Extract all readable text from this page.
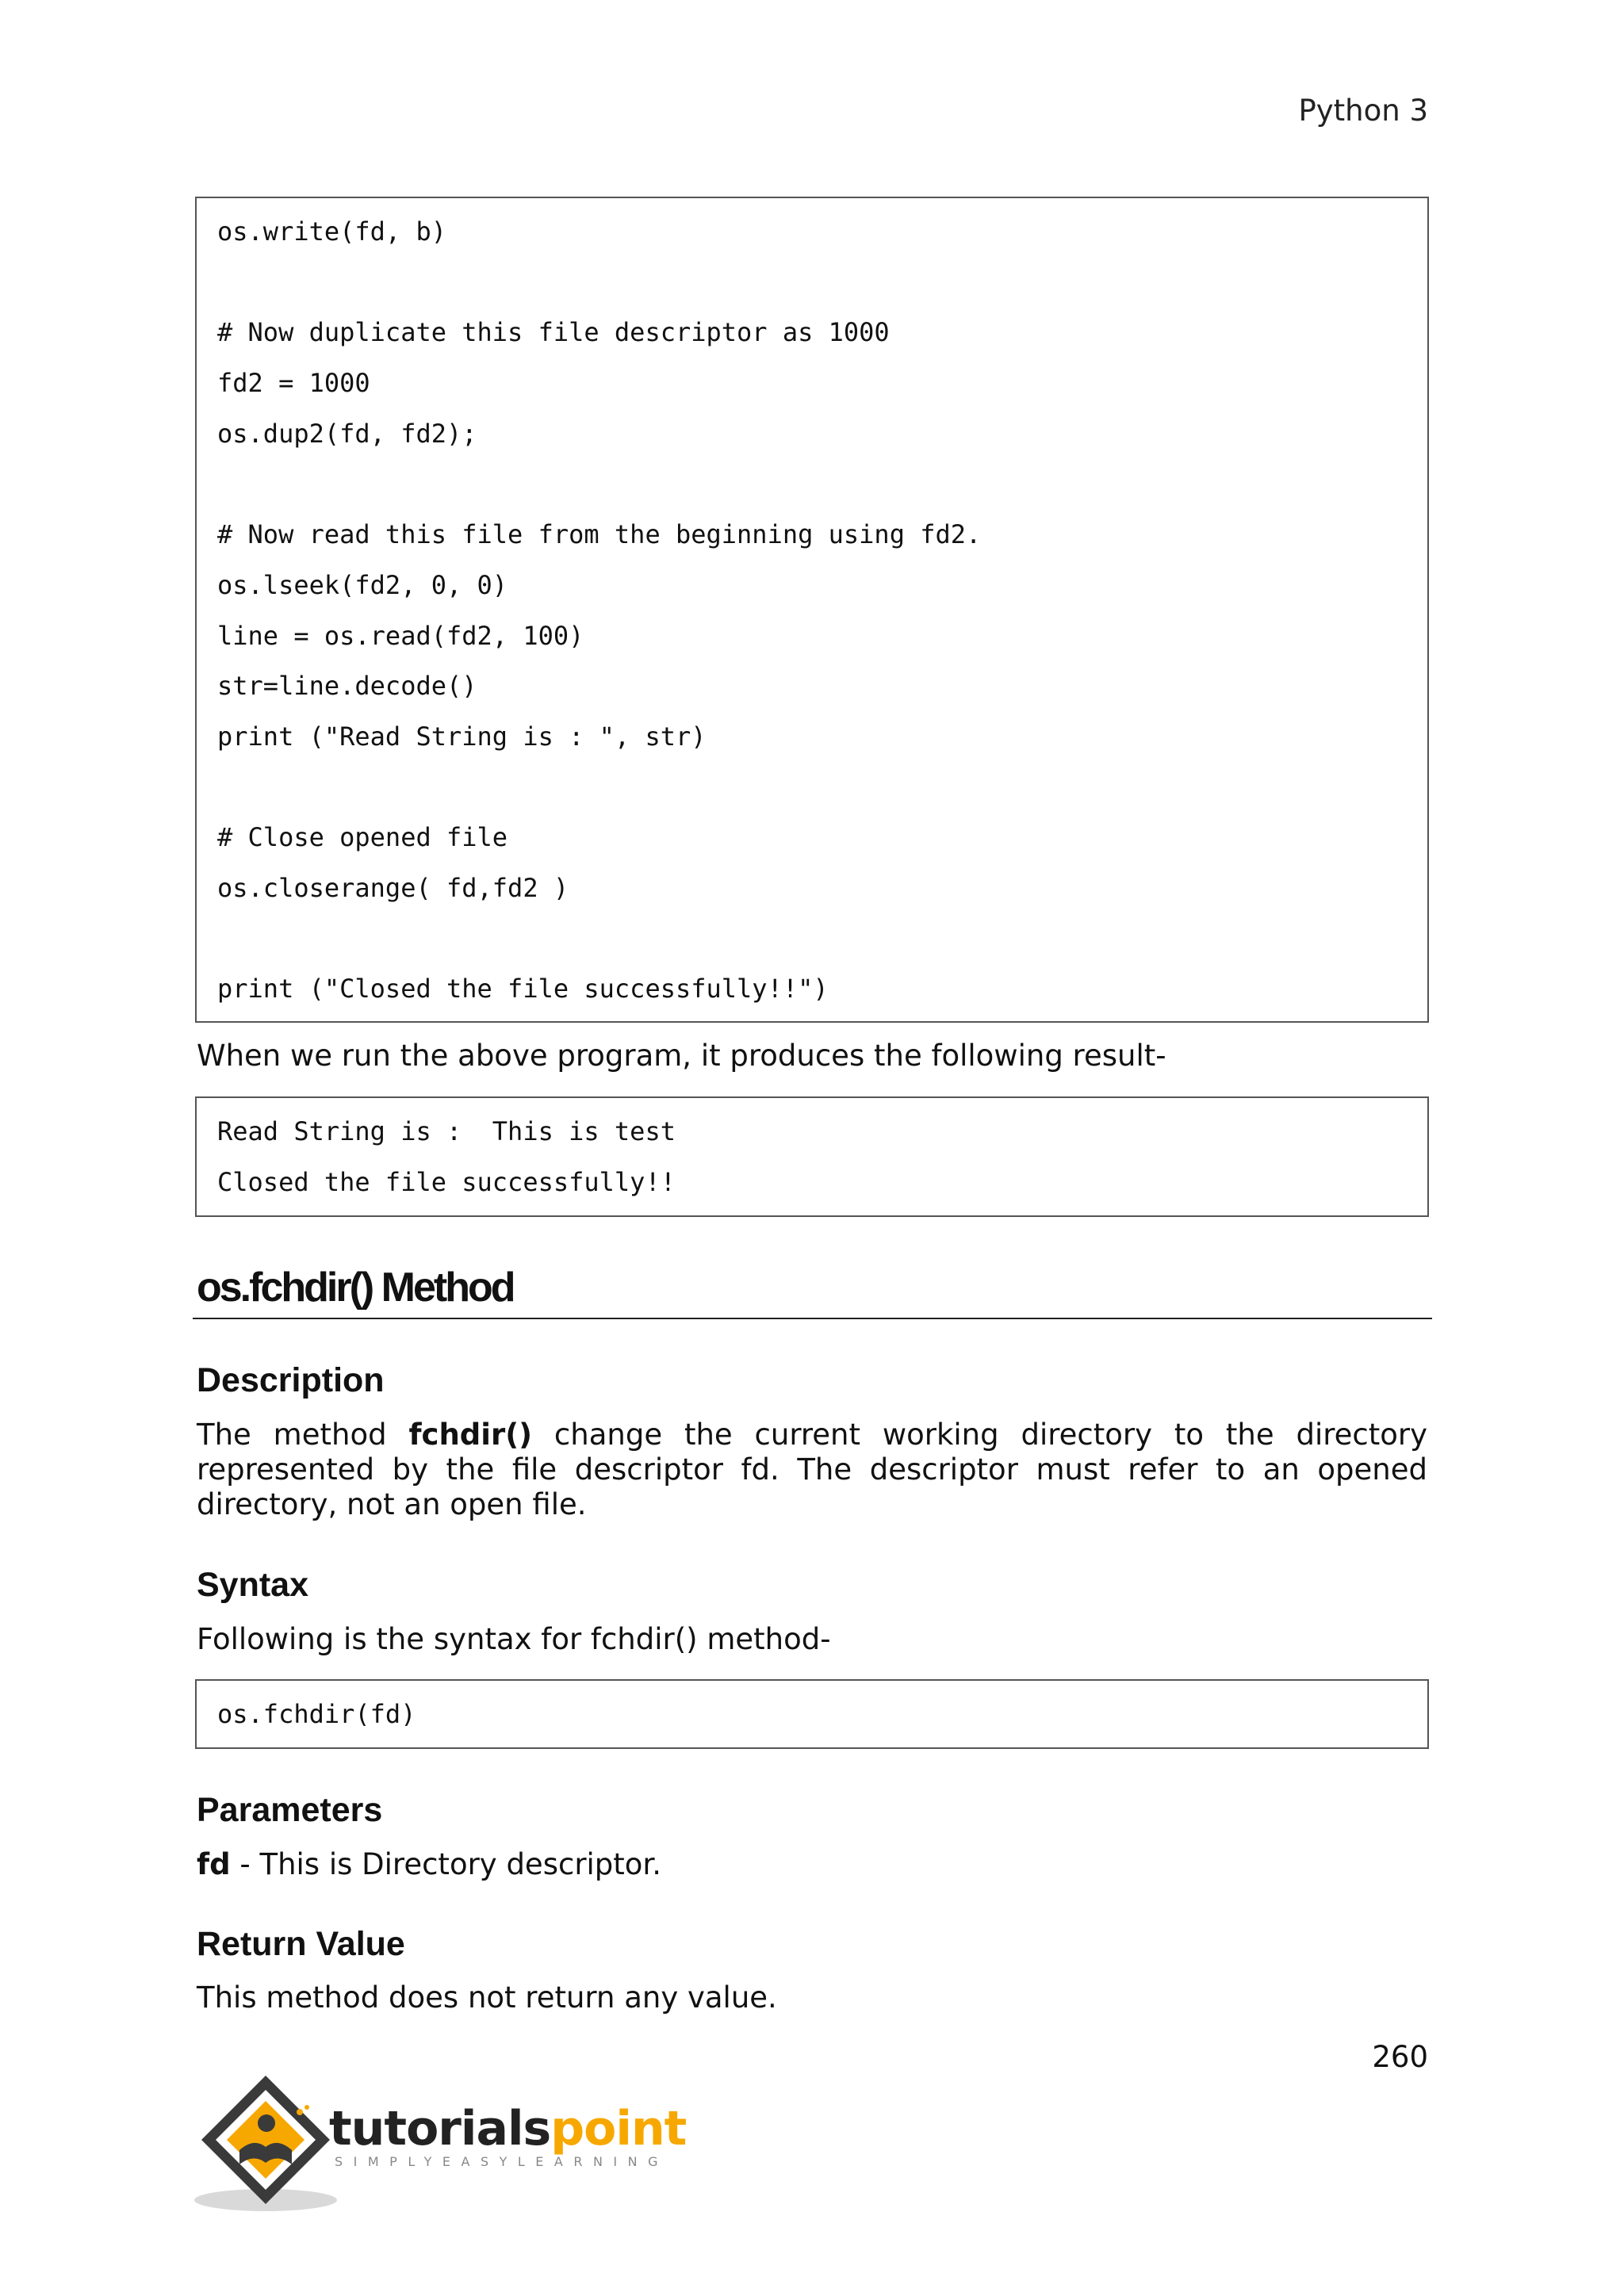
Python 3
os.write(fd, b)
# Now duplicate this file descriptor as 1000
fd2 = 1000
os.dup2(fd, fd2);
# Now read this file from the beginning using fd2.
os.lseek(fd2, 0, 0)
line = os.read(fd2, 100)
str=line.decode()
print ("Read String is : ", str)
# Close opened file
os.closerange( fd,fd2 )
print ("Closed the file successfully!!")
When we run the above program, it produces the following result-
Read String is :  This is test
Closed the file successfully!!
os.fchdir() Method
Description
The method fchdir() change the current working directory to the directory represented by the file descriptor fd. The descriptor must refer to an opened directory, not an open file.
Syntax
Following is the syntax for fchdir() method-
os.fchdir(fd)
Parameters
fd - This is Directory descriptor.
Return Value
This method does not return any value.
260
tutorialspoint
SIMPLYEASYLEARNING
